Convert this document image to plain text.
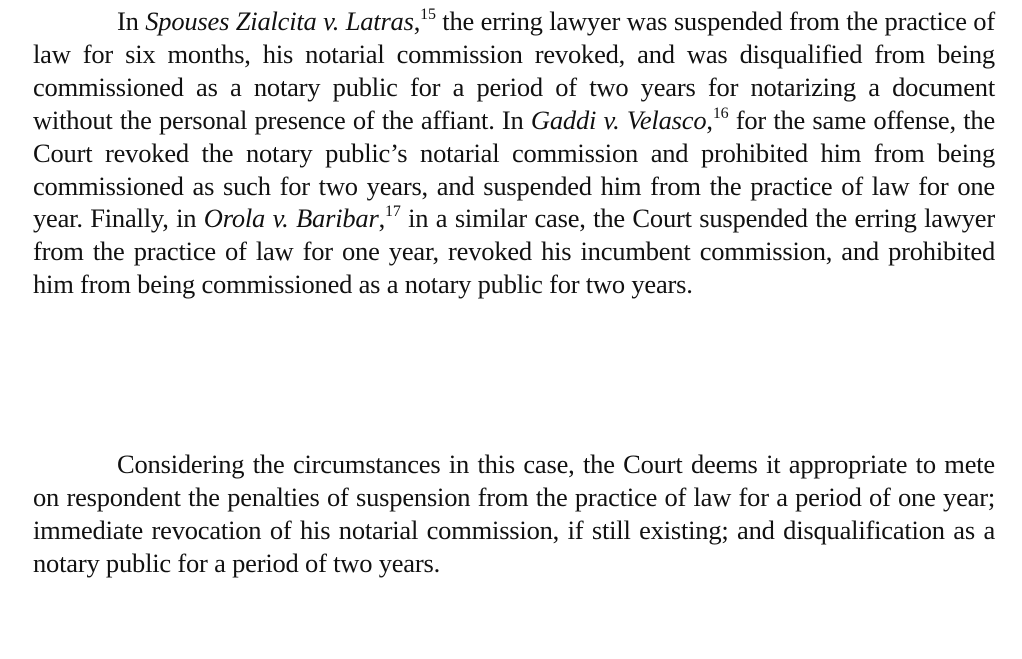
In Spouses Zialcita v. Latras,$^{15}$ the erring lawyer was suspended from the practice of law for six months, his notarial commission revoked, and was disqualified from being commissioned as a notary public for a period of two years for notarizing a document without the personal presence of the affiant. In Gaddi v. Velasco,$^{16}$ for the same offense, the Court revoked the notary public’s notarial commission and prohibited him from being commissioned as such for two years, and suspended him from the practice of law for one year. Finally, in Orola v. Baribar,$^{17}$ in a similar case, the Court suspended the erring lawyer from the practice of law for one year, revoked his incumbent commission, and prohibited him from being commissioned as a notary public for two years.

Considering the circumstances in this case, the Court deems it appropriate to mete on respondent the penalties of suspension from the practice of law for a period of one year; immediate revocation of his notarial commission, if still existing; and disqualification as a notary public for a period of two years.
